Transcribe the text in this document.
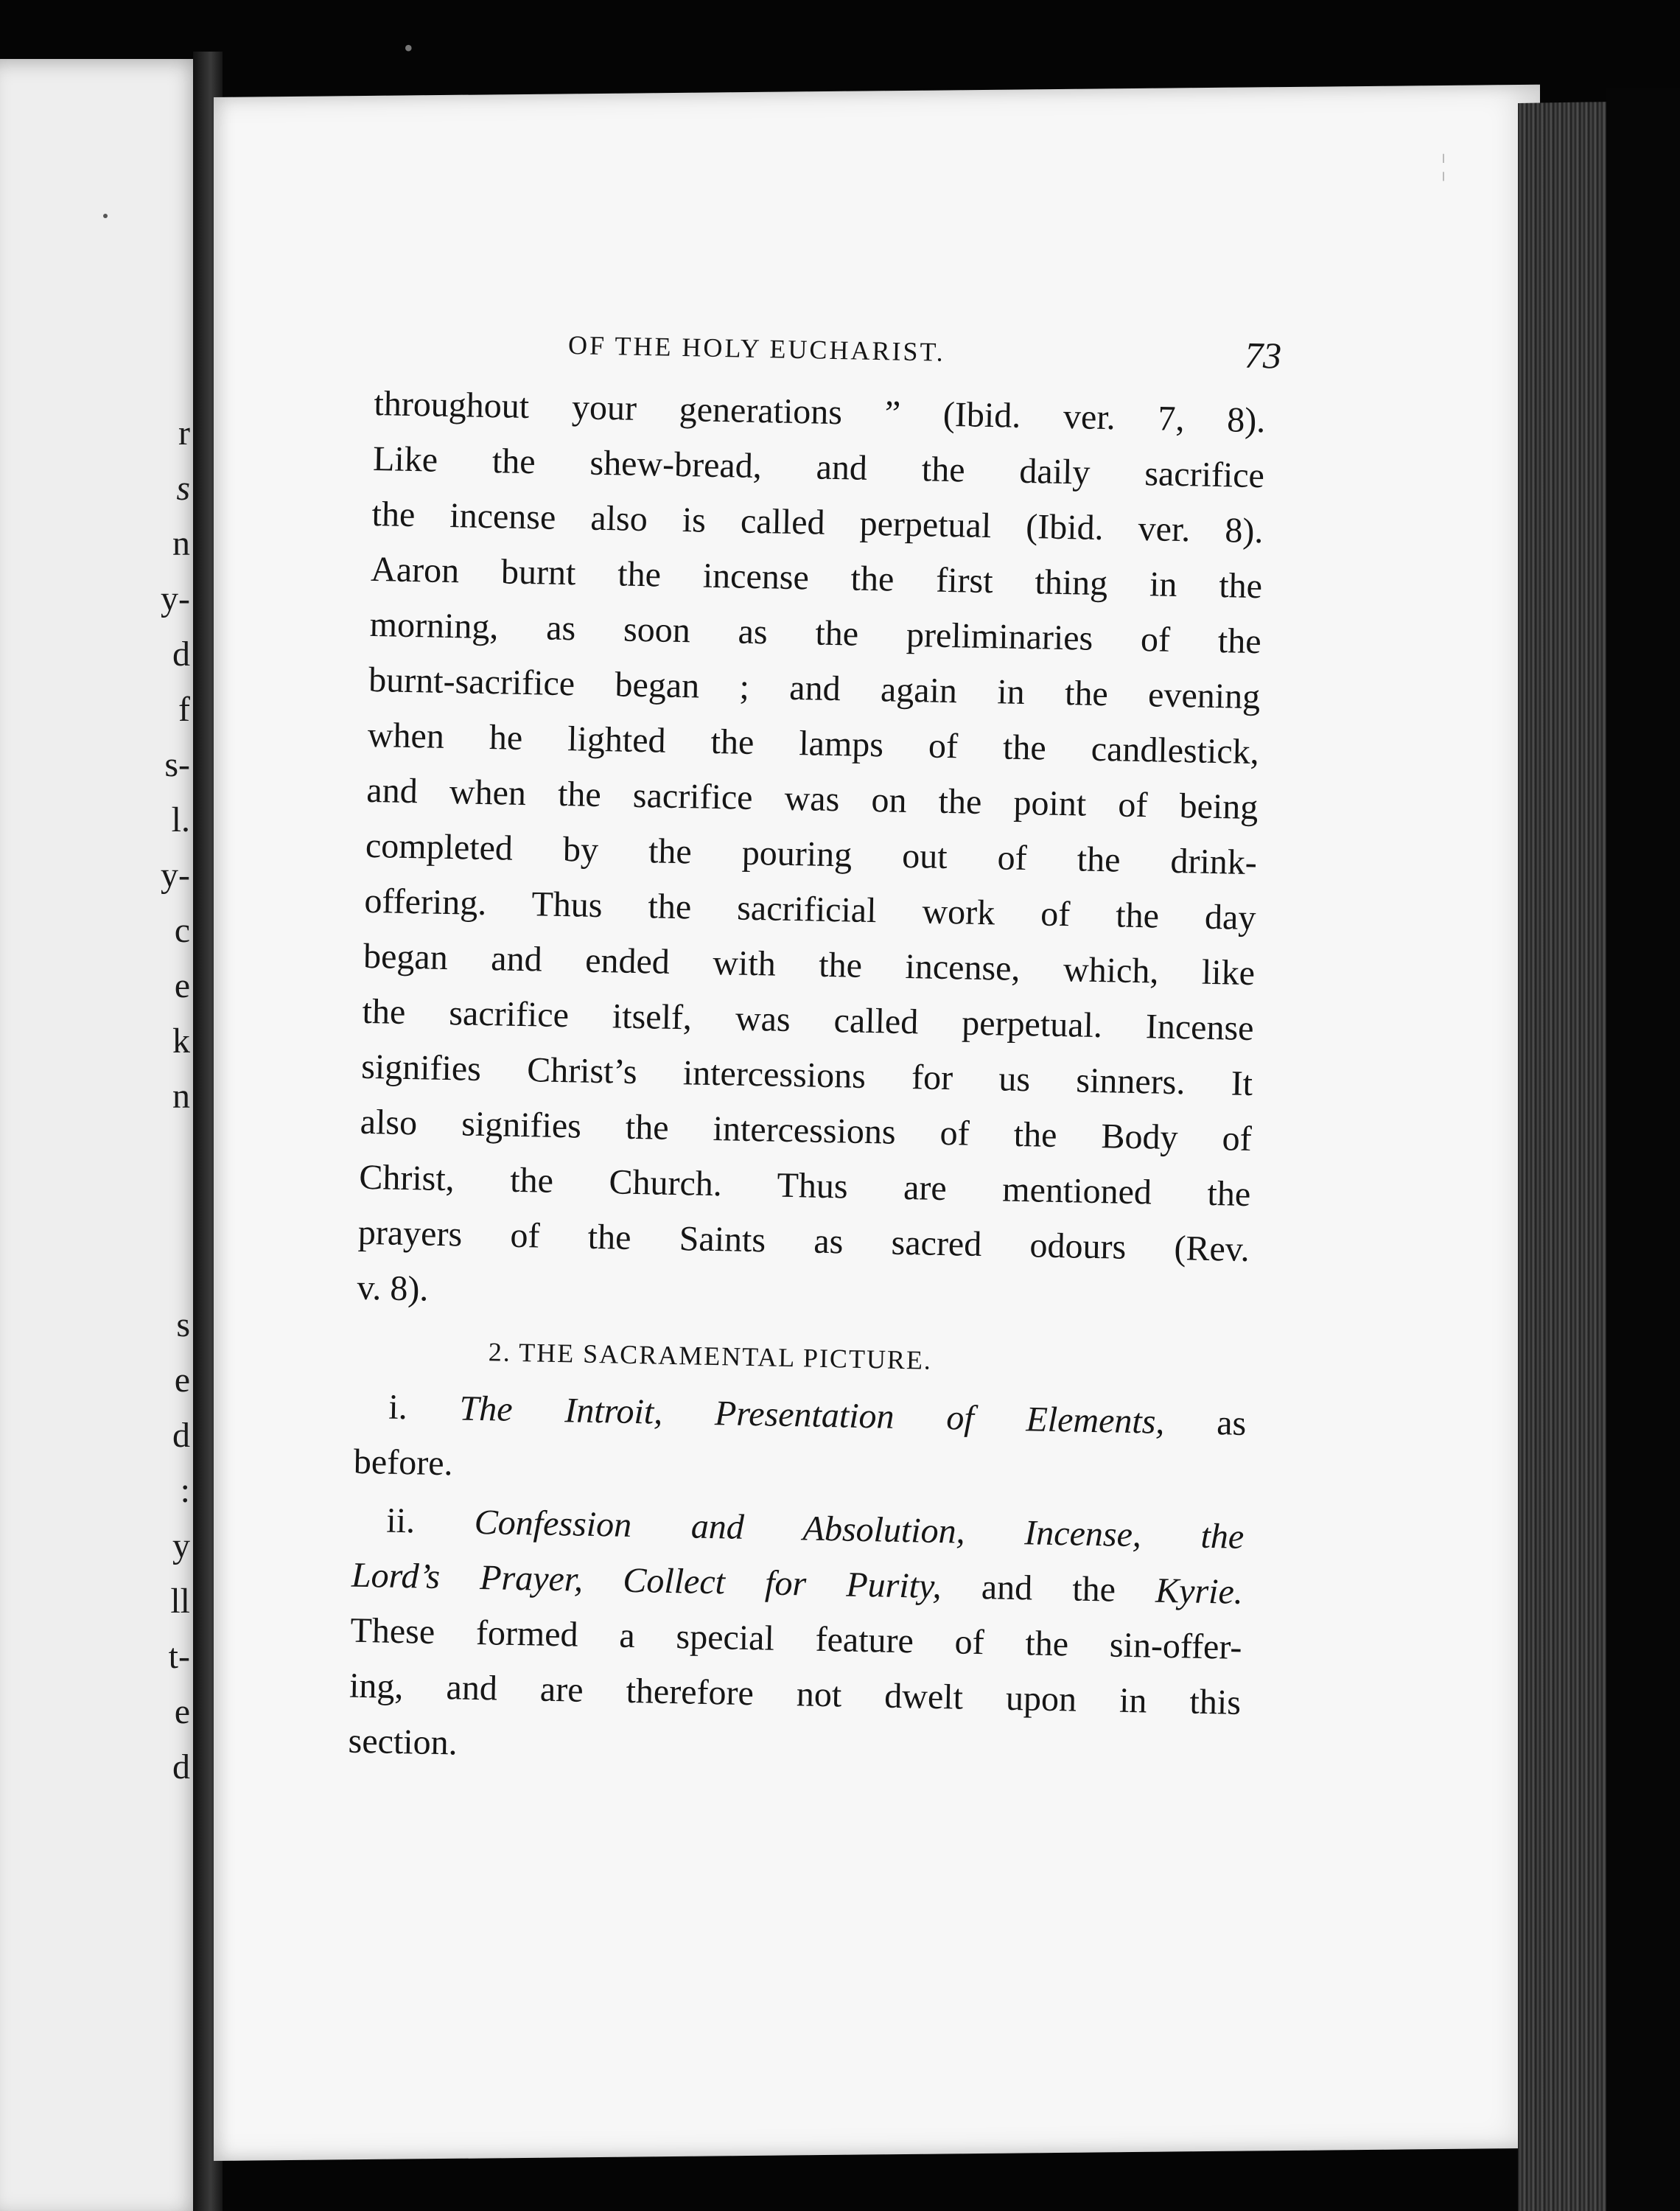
r
s
n
y-
d
f
s-
l.
y-
c
e
k
n
s
e
d
:
y
ll
t-
e
d
•
¦
OF THE HOLY EUCHARIST.	73
throughout your generations ” (Ibid. ver. 7, 8).
Like the shew-bread, and the daily sacrifice
the incense also is called perpetual (Ibid. ver. 8).
Aaron burnt the incense the first thing in the
morning, as soon as the preliminaries of the
burnt-sacrifice began ; and again in the evening
when he lighted the lamps of the candlestick,
and when the sacrifice was on the point of being
completed by the pouring out of the drink-
offering. Thus the sacrificial work of the day
began and ended with the incense, which, like
the sacrifice itself, was called perpetual. Incense
signifies Christ’s intercessions for us sinners. It
also signifies the intercessions of the Body of
Christ, the Church. Thus are mentioned the
prayers of the Saints as sacred odours (Rev.
v. 8).
2. THE SACRAMENTAL PICTURE.
i. The Introit, Presentation of Elements, as
before.
ii. Confession and Absolution, Incense, the
Lord’s Prayer, Collect for Purity, and the Kyrie.
These formed a special feature of the sin-offer-
ing, and are therefore not dwelt upon in this
section.
